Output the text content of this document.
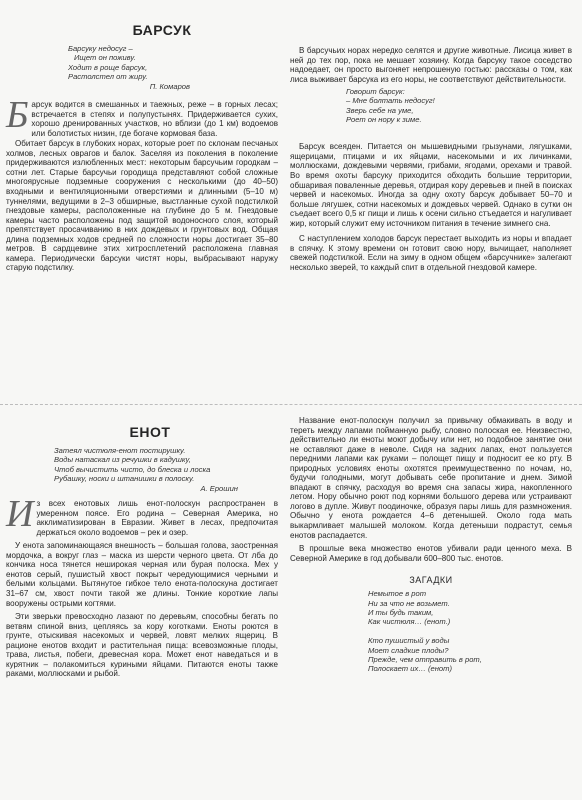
БАРСУК
Барсуку недосуг –
Ищет он поживу.
Ходит в роще барсук,
Растолстел от жиру.
П. Комаров

Барсук водится в смешанных и таежных, реже – в горных лесах; встречается в степях и полупустынях. Придерживается сухих, хорошо дренированных участков, но вблизи (до 1 км) водоемов или болотистых низин, где богаче кормовая база.

Обитает барсук в глубоких норах, которые роет по склонам песчаных холмов, лесных оврагов и балок. Заселяя из поколения в поколение придерживаются излюбленных мест: некоторым барсучьим городкам – сотни лет. Старые барсучьи городища представляют собой сложные многоярусные подземные сооружения с несколькими (до 40–50) входными и вентиляционными отверстиями и длинными (5–10 м) туннелями, ведущими в 2–3 обширные, выстланные сухой подстилкой гнездовые камеры, расположенные на глубине до 5 м. Гнездовые камеры часто расположены под защитой водоносного слоя, который препятствует просачиванию в них дождевых и грунтовых вод. Общая длина подземных ходов средней по сложности норы достигает 35–80 метров. В сардцевине этих хитросплетений расположена главная камера. Периодически барсуки чистят норы, выбрасывают наружу старую подстилку.

В барсучьих норах нередко селятся и другие животные. Лисица живет в ней до тех пор, пока не мешает хозяину. Когда барсуку такое соседство надоедает, он просто выгоняет непрошеную гостью: рассказы о том, как лиса выживает барсука из его норы, не соответствуют действительности.

Говорит барсук:
– Мне болтать недосуг!
Зверь себе на уме,
Роет он нору к зиме.

Барсук всеяден. Питается он мышевидными грызунами, лягушками, ящерицами, птицами и их яйцами, насекомыми и их личинками, моллюсками, дождевыми червями, грибами, ягодами, орехами и травой. Во время охоты барсуку приходится обходить большие территории, обшаривая поваленные деревья, отдирая кору деревьев и пней в поисках червей и насекомых. Иногда за одну охоту барсук добывает 50–70 и больше лягушек, сотни насекомых и дождевых червей. Однако в сутки он съедает всего 0,5 кг пищи и лишь к осени сильно стъедается и нагуливает жир, который служит ему источником питания в течение зимнего сна.

С наступлением холодов барсук перестает выходить из норы и впадает в спячку. К этому времени он готовит свою нору, вычищает, наполняет свежей подстилкой. Если на зиму в одном общем «барсучнике» залегают несколько зверей, то каждый спит в отдельной гнездовой камере.

ЕНОТ
Затеял чистюля-енот постирушку.
Воды натаскал из речушки в кадушку,
Чтоб вычистить чисто, до блеска и лоска
Рубашку, носки и штанишки в полоску.
А. Ерошин

Из всех енотовых лишь енот-полоскун распространен в умеренном поясе. Его родина – Северная Америка, но акклиматизирован в Евразии. Живет в лесах, предпочитая держаться около водоемов – рек и озер.

У енота запоминающаяся внешность – большая голова, заостренная мордочка, а вокруг глаз – маска из шерсти черного цвета. От лба до кончика носа тянется неширокая черная или бурая полоска. Мех у енотов серый, пушистый хвост покрыт чередующимися черными и белыми кольцами. Вытянутое гибкое тело енота-полоскуна достигает 31–67 см, хвост почти такой же длины. Тонкие короткие лапы вооружены острыми когтями.

Эти зверьки превосходно лазают по деревьям, способны бегать по ветвям спиной вниз, цепляясь за кору коготками. Еноты роются в грунте, отыскивая насекомых и червей, ловят мелких ящериц. В рационе енотов входит и растительная пища: всевозможные плоды, трава, листья, побеги, древесная кора. Может енот наведаться и в курятник – полакомиться куриными яйцами. Питаются еноты также раками, моллюсками и рыбой.

Название енот-полоскун получил за привычку обмакивать в воду и тереть между лапами пойманную рыбу, словно полоская ее. Неизвестно, действительно ли еноты моют добычу или нет, но подобное занятие они не оставляют даже в неволе. Сидя на задних лапах, енот пользуется передними лапами как руками – полощет пищу и подносит ее ко рту. В природных условиях еноты охотятся преимущественно по ночам, но, будучи голодными, могут добывать себе пропитание и днем. Зимой впадают в спячку, расходуя во время сна запасы жира, накопленного летом. Нору обычно роют под корнями большого дерева или устраивают логово в дупле. Живут поодиночке, образуя пары лишь для размножения. Обычно у енота рождается 4–6 детенышей. Около года мать выкармливает малышей молоком. Когда детеныши подрастут, семья енотов распадается.

В прошлые века множество енотов убивали ради ценного меха. В Северной Америке в год добывали 600–800 тыс. енотов.

ЗАГАДКИ
Немытое в рот
Ни за что не возьмет.
И ты будь таким,
Как чистюля… (енот.)
Кто пушистый у воды
Моет сладкие плоды?
Прежде, чем отправить в рот,
Полоскает их… (енот)
